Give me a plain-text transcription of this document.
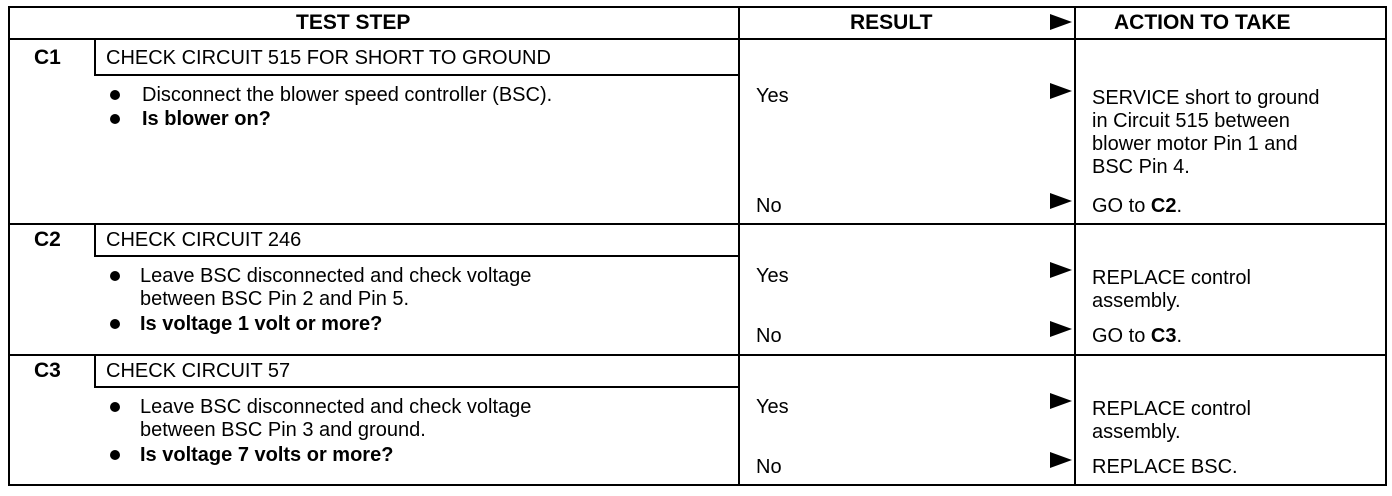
TEST STEP	RESULT	ACTION TO TAKE
C1 CHECK CIRCUIT 515 FOR SHORT TO GROUND
Disconnect the blower speed controller (BSC).
Is blower on?
Yes	SERVICE short to ground
in Circuit 515 between
blower motor Pin 1 and
BSC Pin 4.
No	GO to C2.
C2 CHECK CIRCUIT 246
Leave BSC disconnected and check voltage
between BSC Pin 2 and Pin 5.
Is voltage 1 volt or more?
Yes	REPLACE control
assembly.
No	GO to C3.
C3 CHECK CIRCUIT 57
Leave BSC disconnected and check voltage
between BSC Pin 3 and ground.
Is voltage 7 volts or more?
Yes	REPLACE control
assembly.
No	REPLACE BSC.
